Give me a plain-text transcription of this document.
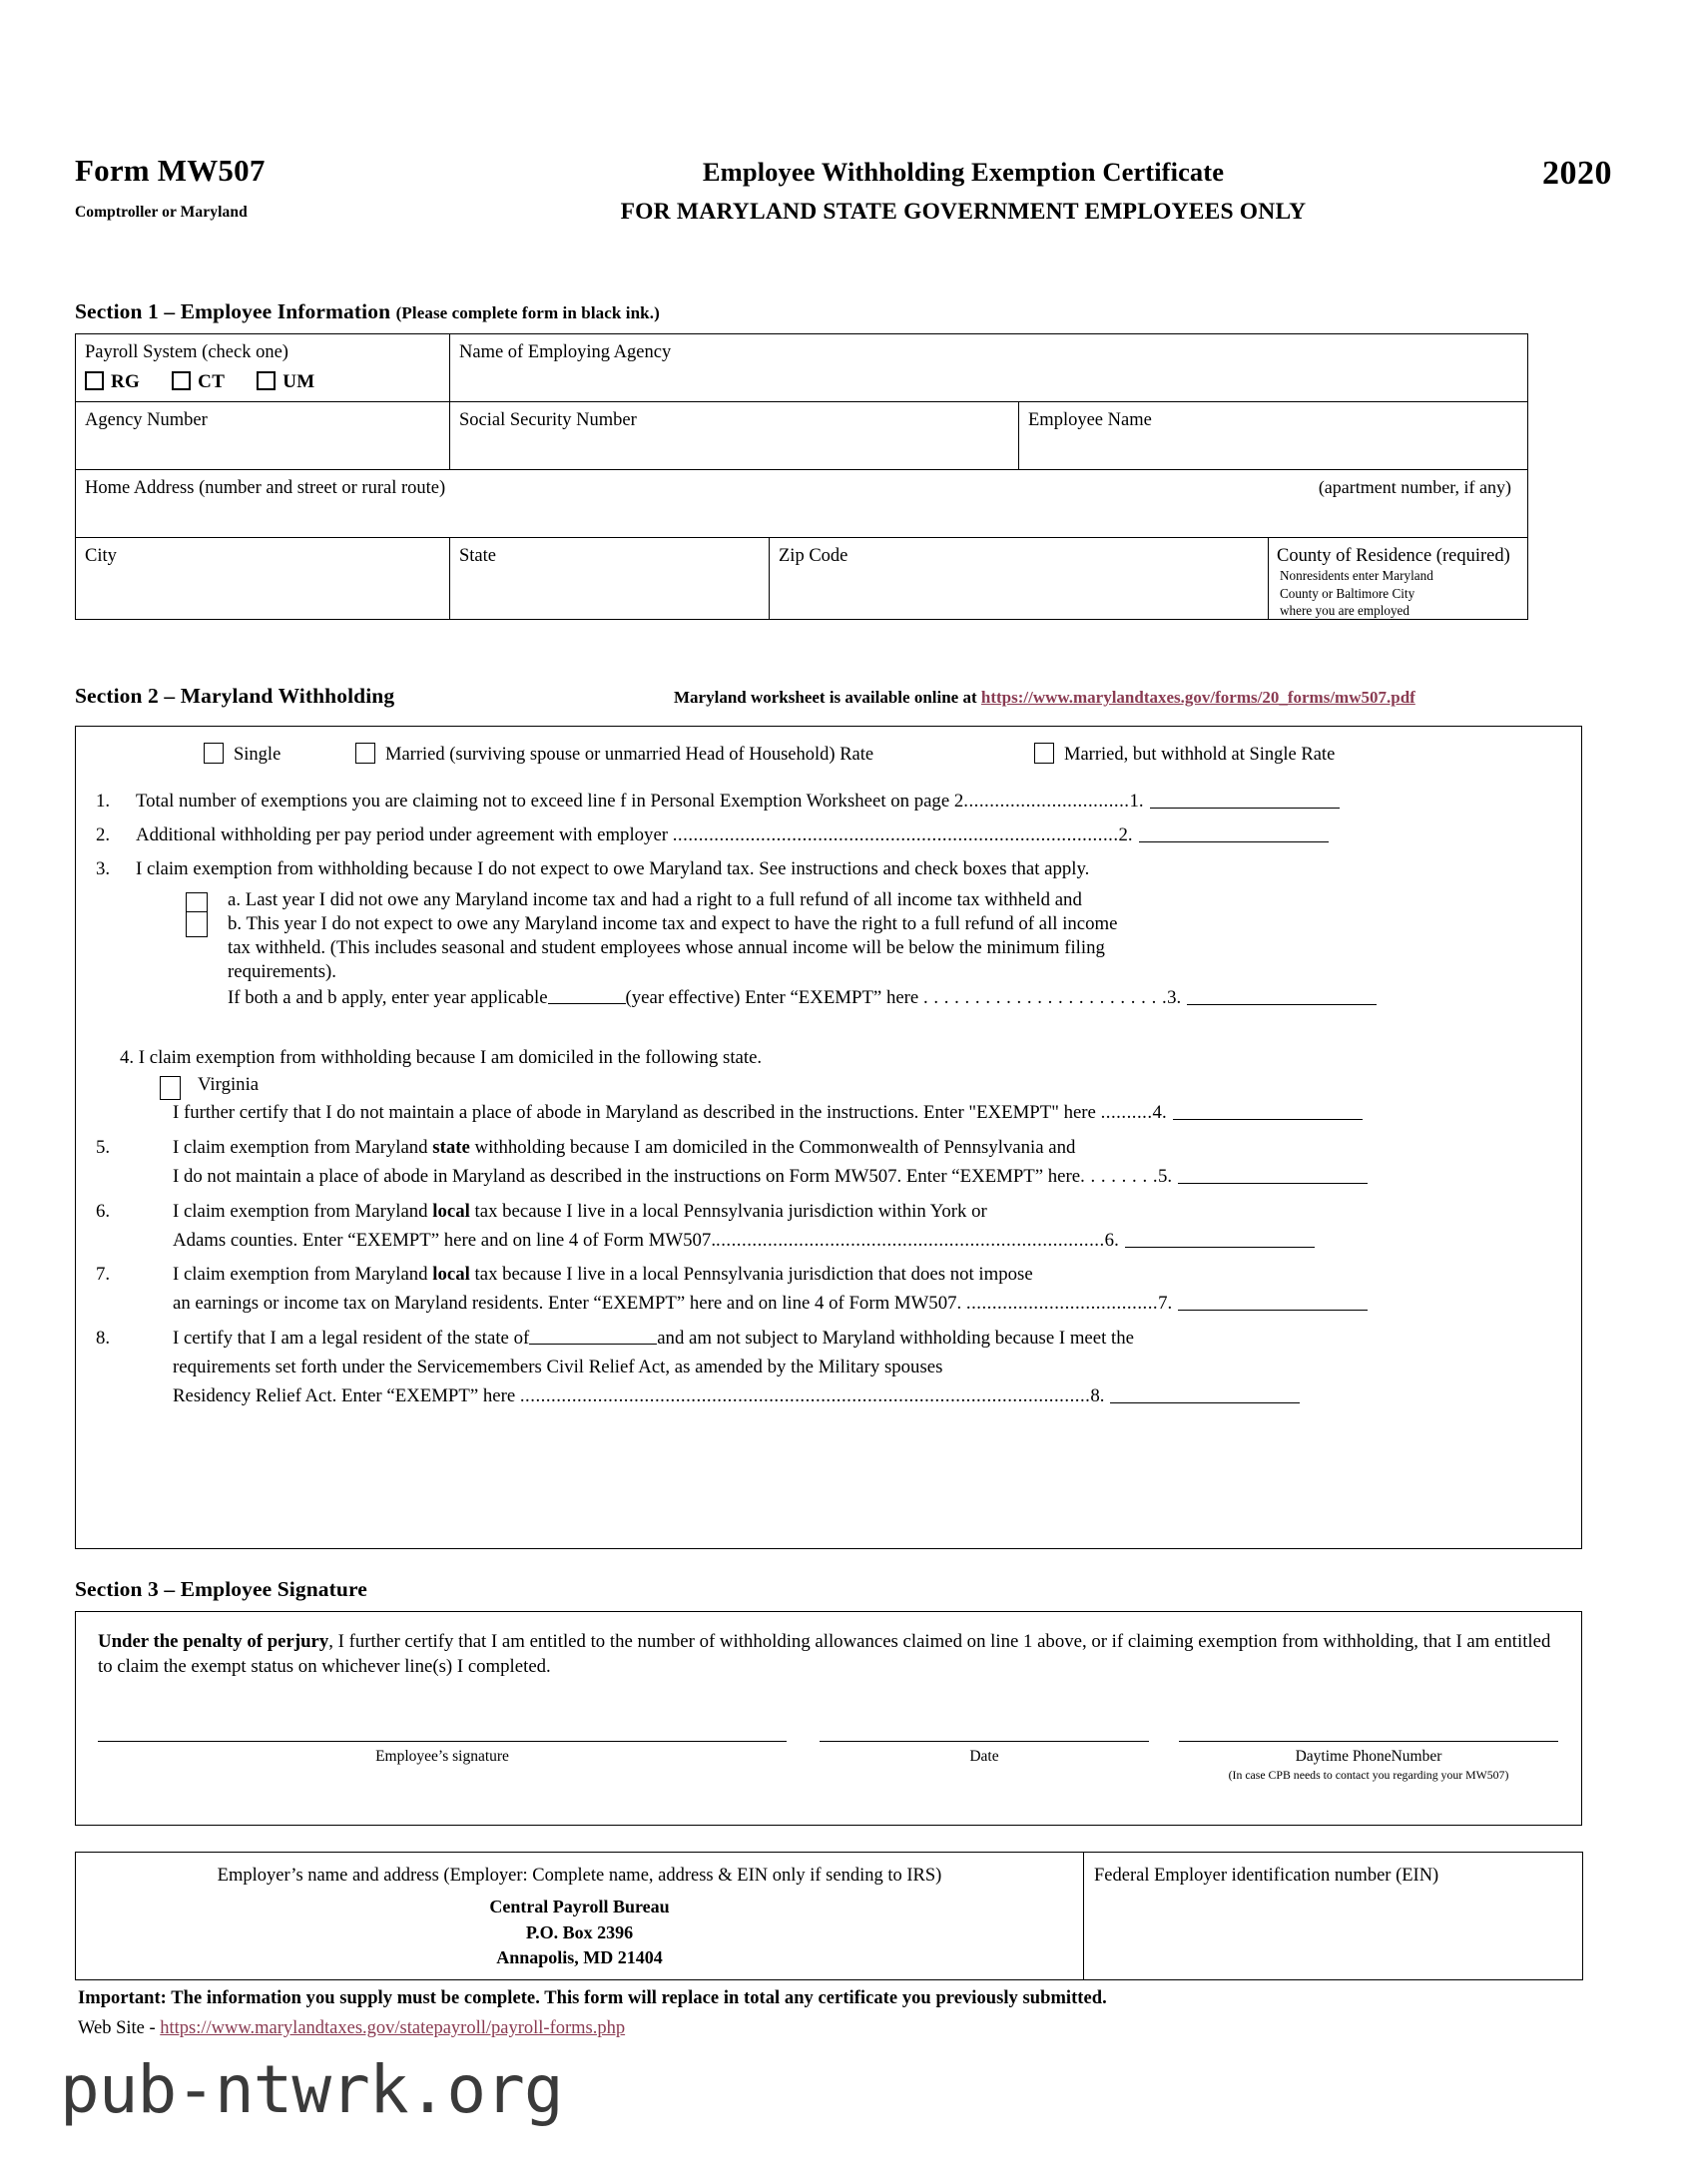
Form MW507
Comptroller or Maryland
Employee Withholding Exemption Certificate
FOR MARYLAND STATE GOVERNMENT EMPLOYEES ONLY
2020
Section 1 – Employee Information (Please complete form in black ink.)
Payroll System (check one)
RG CT UM	Name of Employing Agency			
Agency Number	Social Security Number		Employee Name	
Home Address (number and street or rural route) (apartment number, if any)				

City	State	Zip Code		County of Residence (required)Nonresidents enter Maryland County or Baltimore City where you are employed
Section 2 – Maryland Withholding	Maryland worksheet is available online at https://www.marylandtaxes.gov/forms/20_forms/mw507.pdf
Single	Married (surviving spouse or unmarried Head of Household) Rate	Married, but withhold at Single Rate
1.	Total number of exemptions you are claiming not to exceed line f in Personal Exemption Worksheet on page 2................................1.
2.	Additional withholding per pay period under agreement with employer ......................................................................................2.
3.	I claim exemption from withholding because I do not expect to owe Maryland tax. See instructions and check boxes that apply.
a. Last year I did not owe any Maryland income tax and had a right to a full refund of all income tax withheld and
b. This year I do not expect to owe any Maryland income tax and expect to have the right to a full refund of all income
tax withheld. (This includes seasonal and student employees whose annual income will be below the minimum filing
requirements).
If both a and b apply, enter year applicable	(year effective) Enter “EXEMPT” here . . . . . . . . . . . . . . . . . . . . . . . .3.
4. I claim exemption from withholding because I am domiciled in the following state.
Virginia
I further certify that I do not maintain a place of abode in Maryland as described in the instructions. Enter "EXEMPT" here ..........4.
5.	I claim exemption from Maryland state withholding because I am domiciled in the Commonwealth of Pennsylvania and
I do not maintain a place of abode in Maryland as described in the instructions on Form MW507. Enter “EXEMPT” here. . . . . . . .5.
6.	I claim exemption from Maryland local tax because I live in a local Pennsylvania jurisdiction within York or
Adams counties. Enter “EXEMPT” here and on line 4 of Form MW507............................................................................6.
7.	I claim exemption from Maryland local tax because I live in a local Pennsylvania jurisdiction that does not impose
an earnings or income tax on Maryland residents. Enter “EXEMPT” here and on line 4 of Form MW507. .....................................7.
8.	I certify that I am a legal resident of the state of	and am not subject to Maryland withholding because I meet the
requirements set forth under the Servicemembers Civil Relief Act, as amended by the Military spouses
Residency Relief Act. Enter “EXEMPT” here ..............................................................................................................8.
Section 3 – Employee Signature
Under the penalty of perjury, I further certify that I am entitled to the number of withholding allowances claimed on line 1 above, or if claiming exemption from withholding, that I am entitled to claim the exempt status on whichever line(s) I completed.
Employee’s signature	Date	Daytime PhoneNumber
(In case CPB needs to contact you regarding your MW507)
Employer’s name and address (Employer: Complete name, address & EIN only if sending to IRS)
Central Payroll Bureau
P.O. Box 2396
Annapolis, MD 21404
	Federal Employer identification number (EIN)
Important: The information you supply must be complete. This form will replace in total any certificate you previously submitted.
Web Site - https://www.marylandtaxes.gov/statepayroll/payroll-forms.php
pub-ntwrk.org
